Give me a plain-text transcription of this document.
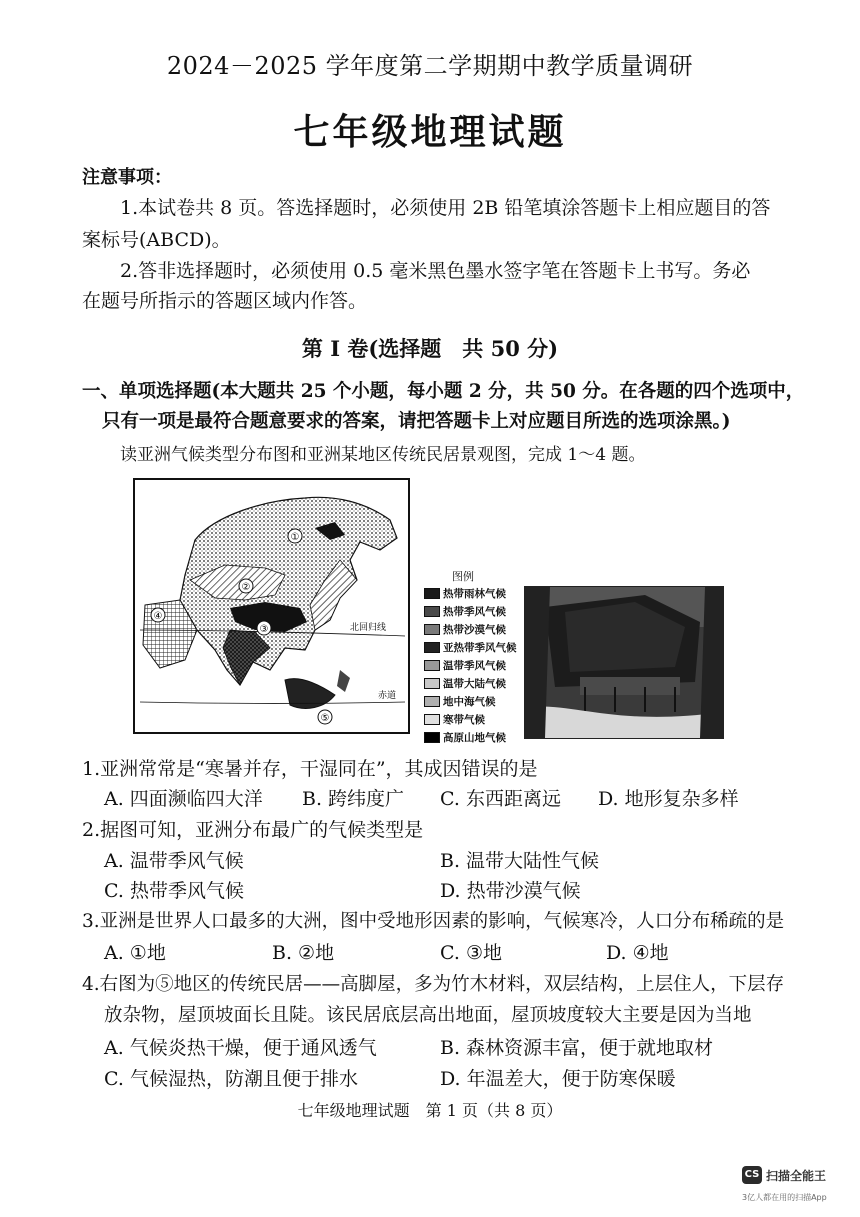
2024－2025 学年度第二学期期中教学质量调研
七年级地理试题
注意事项：
1.本试卷共 8 页。答选择题时，必须使用 2B 铅笔填涂答题卡上相应题目的答
案标号(ABCD)。
2.答非选择题时，必须使用 0.5 毫米黑色墨水签字笔在答题卡上书写。务必
在题号所指示的答题区域内作答。
第 I 卷(选择题　共 50 分)
一、单项选择题(本大题共 25 个小题，每小题 2 分，共 50 分。在各题的四个选项中，
只有一项是最符合题意要求的答案，请把答题卡上对应题目所选的选项涂黑。)
读亚洲气候类型分布图和亚洲某地区传统民居景观图，完成 1～4 题。
①
②
③
④
⑤
北回归线
赤道
图例
热带雨林气候
热带季风气候
热带沙漠气候
亚热带季风气候
温带季风气候
温带大陆气候
地中海气候
寒带气候
高原山地气候
1.亚洲常常是“寒暑并存，干湿同在”，其成因错误的是
A. 四面濒临四大洋 B. 跨纬度广 C. 东西距离远 D. 地形复杂多样
2.据图可知，亚洲分布最广的气候类型是
A. 温带季风气候	B. 温带大陆性气候
C. 热带季风气候	D. 热带沙漠气候
3.亚洲是世界人口最多的大洲，图中受地形因素的影响，气候寒冷，人口分布稀疏的是
A. ①地	B. ②地	C. ③地	D. ④地
4.右图为⑤地区的传统民居——高脚屋，多为竹木材料，双层结构，上层住人，下层存
放杂物，屋顶坡面长且陡。该民居底层高出地面，屋顶坡度较大主要是因为当地
A. 气候炎热干燥，便于通风透气	B. 森林资源丰富，便于就地取材
C. 气候湿热，防潮且便于排水	D. 年温差大，便于防寒保暖
七年级地理试题　第 1 页（共 8 页）
CS 扫描全能王
3亿人都在用的扫描App
